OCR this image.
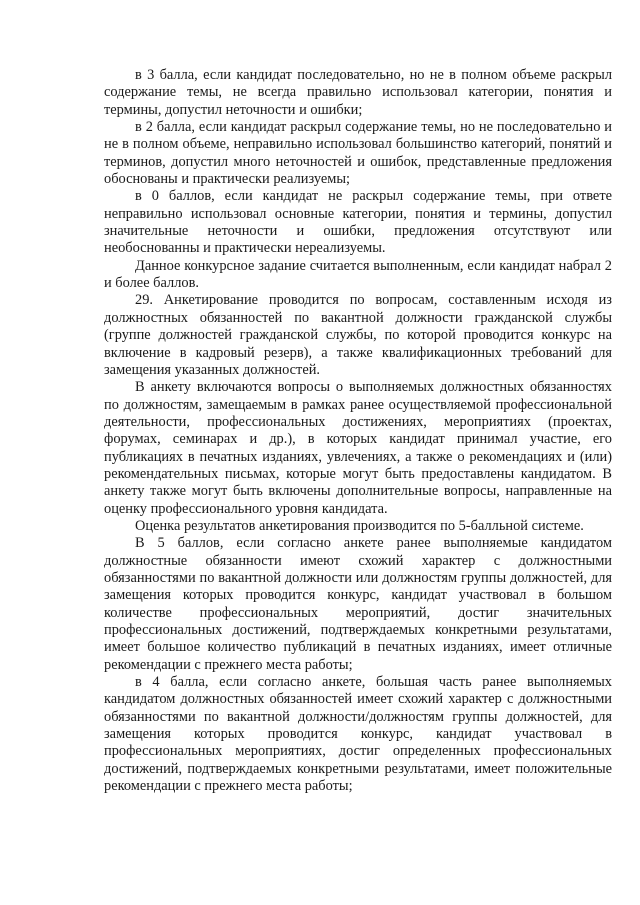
в 3 балла, если кандидат последовательно, но не в полном объеме раскрыл содержание темы, не всегда правильно использовал категории, понятия и термины, допустил неточности и ошибки;

в 2 балла, если кандидат раскрыл содержание темы, но не последовательно и не в полном объеме, неправильно использовал большинство категорий, понятий и терминов, допустил много неточностей и ошибок, представленные предложения обоснованы и практически реализуемы;

в 0 баллов, если кандидат не раскрыл содержание темы, при ответе неправильно использовал основные категории, понятия и термины, допустил значительные неточности и ошибки, предложения отсутствуют или необоснованны и практически нереализуемы.

Данное конкурсное задание считается выполненным, если кандидат набрал 2 и более баллов.

29. Анкетирование проводится по вопросам, составленным исходя из должностных обязанностей по вакантной должности гражданской службы (группе должностей гражданской службы, по которой проводится конкурс на включение в кадровый резерв), а также квалификационных требований для замещения указанных должностей.

В анкету включаются вопросы о выполняемых должностных обязанностях по должностям, замещаемым в рамках ранее осуществляемой профессиональной деятельности, профессиональных достижениях, мероприятиях (проектах, форумах, семинарах и др.), в которых кандидат принимал участие, его публикациях в печатных изданиях, увлечениях, а также о рекомендациях и (или) рекомендательных письмах, которые могут быть предоставлены кандидатом. В анкету также могут быть включены дополнительные вопросы, направленные на оценку профессионального уровня кандидата.

Оценка результатов анкетирования производится по 5-балльной системе.

В 5 баллов, если согласно анкете ранее выполняемые кандидатом должностные обязанности имеют схожий характер с должностными обязанностями по вакантной должности или должностям группы должностей, для замещения которых проводится конкурс, кандидат участвовал в большом количестве профессиональных мероприятий, достиг значительных профессиональных достижений, подтверждаемых конкретными результатами, имеет большое количество публикаций в печатных изданиях, имеет отличные рекомендации с прежнего места работы;

в 4 балла, если согласно анкете, большая часть ранее выполняемых кандидатом должностных обязанностей имеет схожий характер с должностными обязанностями по вакантной должности/должностям группы должностей, для замещения которых проводится конкурс, кандидат участвовал в профессиональных мероприятиях, достиг определенных профессиональных достижений, подтверждаемых конкретными результатами, имеет положительные рекомендации с прежнего места работы;
